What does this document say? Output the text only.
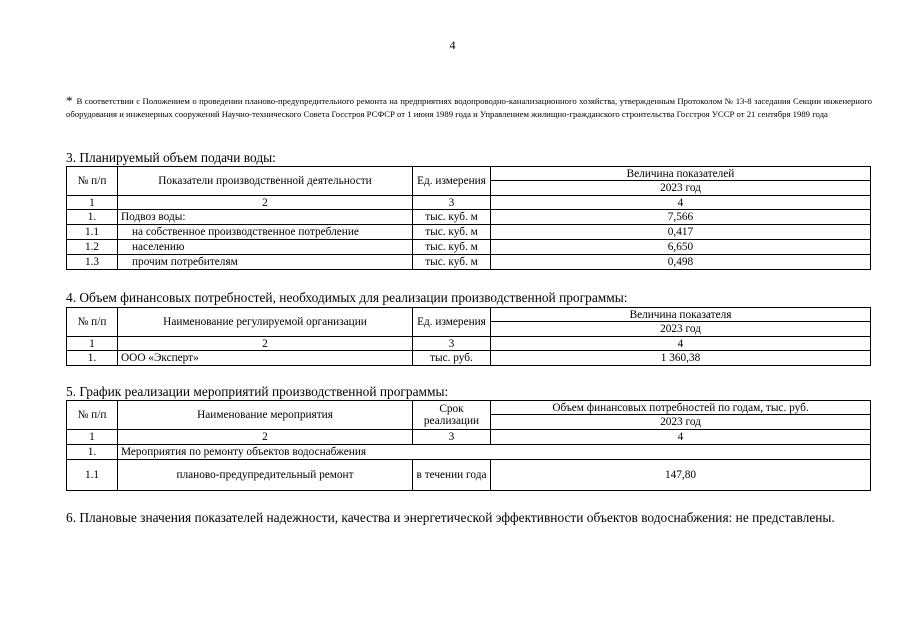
4
* В соответствии с Положением о проведении планово-предупредительного ремонта на предприятиях водопроводно-канализационного хозяйства, утвержденным Протоколом № 13-8 заседания Секции инженерного оборудования и инженерных сооружений Научно-технического Совета Госстроя РСФСР от 1 июня 1989 года и Управлением жилищно-гражданского строительства Госстроя УССР от 21 сентября 1989 года
3. Планируемый объем подачи воды:
№ п/п	Показатели производственной деятельности	Ед. измерения	Величина показателей
			2023 год
1	2	3	4
1.	Подвоз воды:	тыс. куб. м	7,566
1.1	на собственное производственное потребление	тыс. куб. м	0,417
1.2	населению	тыс. куб. м	6,650
1.3	прочим потребителям	тыс. куб. м	0,498
4. Объем финансовых потребностей, необходимых для реализации производственной программы:
№ п/п	Наименование регулируемой организации	Ед. измерения	Величина показателя
			2023 год
1	2	3	4
1.	ООО «Эксперт»	тыс. руб.	1 360,38
5. График реализации мероприятий производственной программы:
№ п/п	Наименование мероприятия	Срок реализации	Объем финансовых потребностей по годам, тыс. руб.
			2023 год
1	2	3	4
1.	Мероприятия по ремонту объектов водоснабжения		
1.1	планово-предупредительный ремонт	в течении года	147,80
6. Плановые значения показателей надежности, качества и энергетической эффективности объектов водоснабжения: не представлены.
